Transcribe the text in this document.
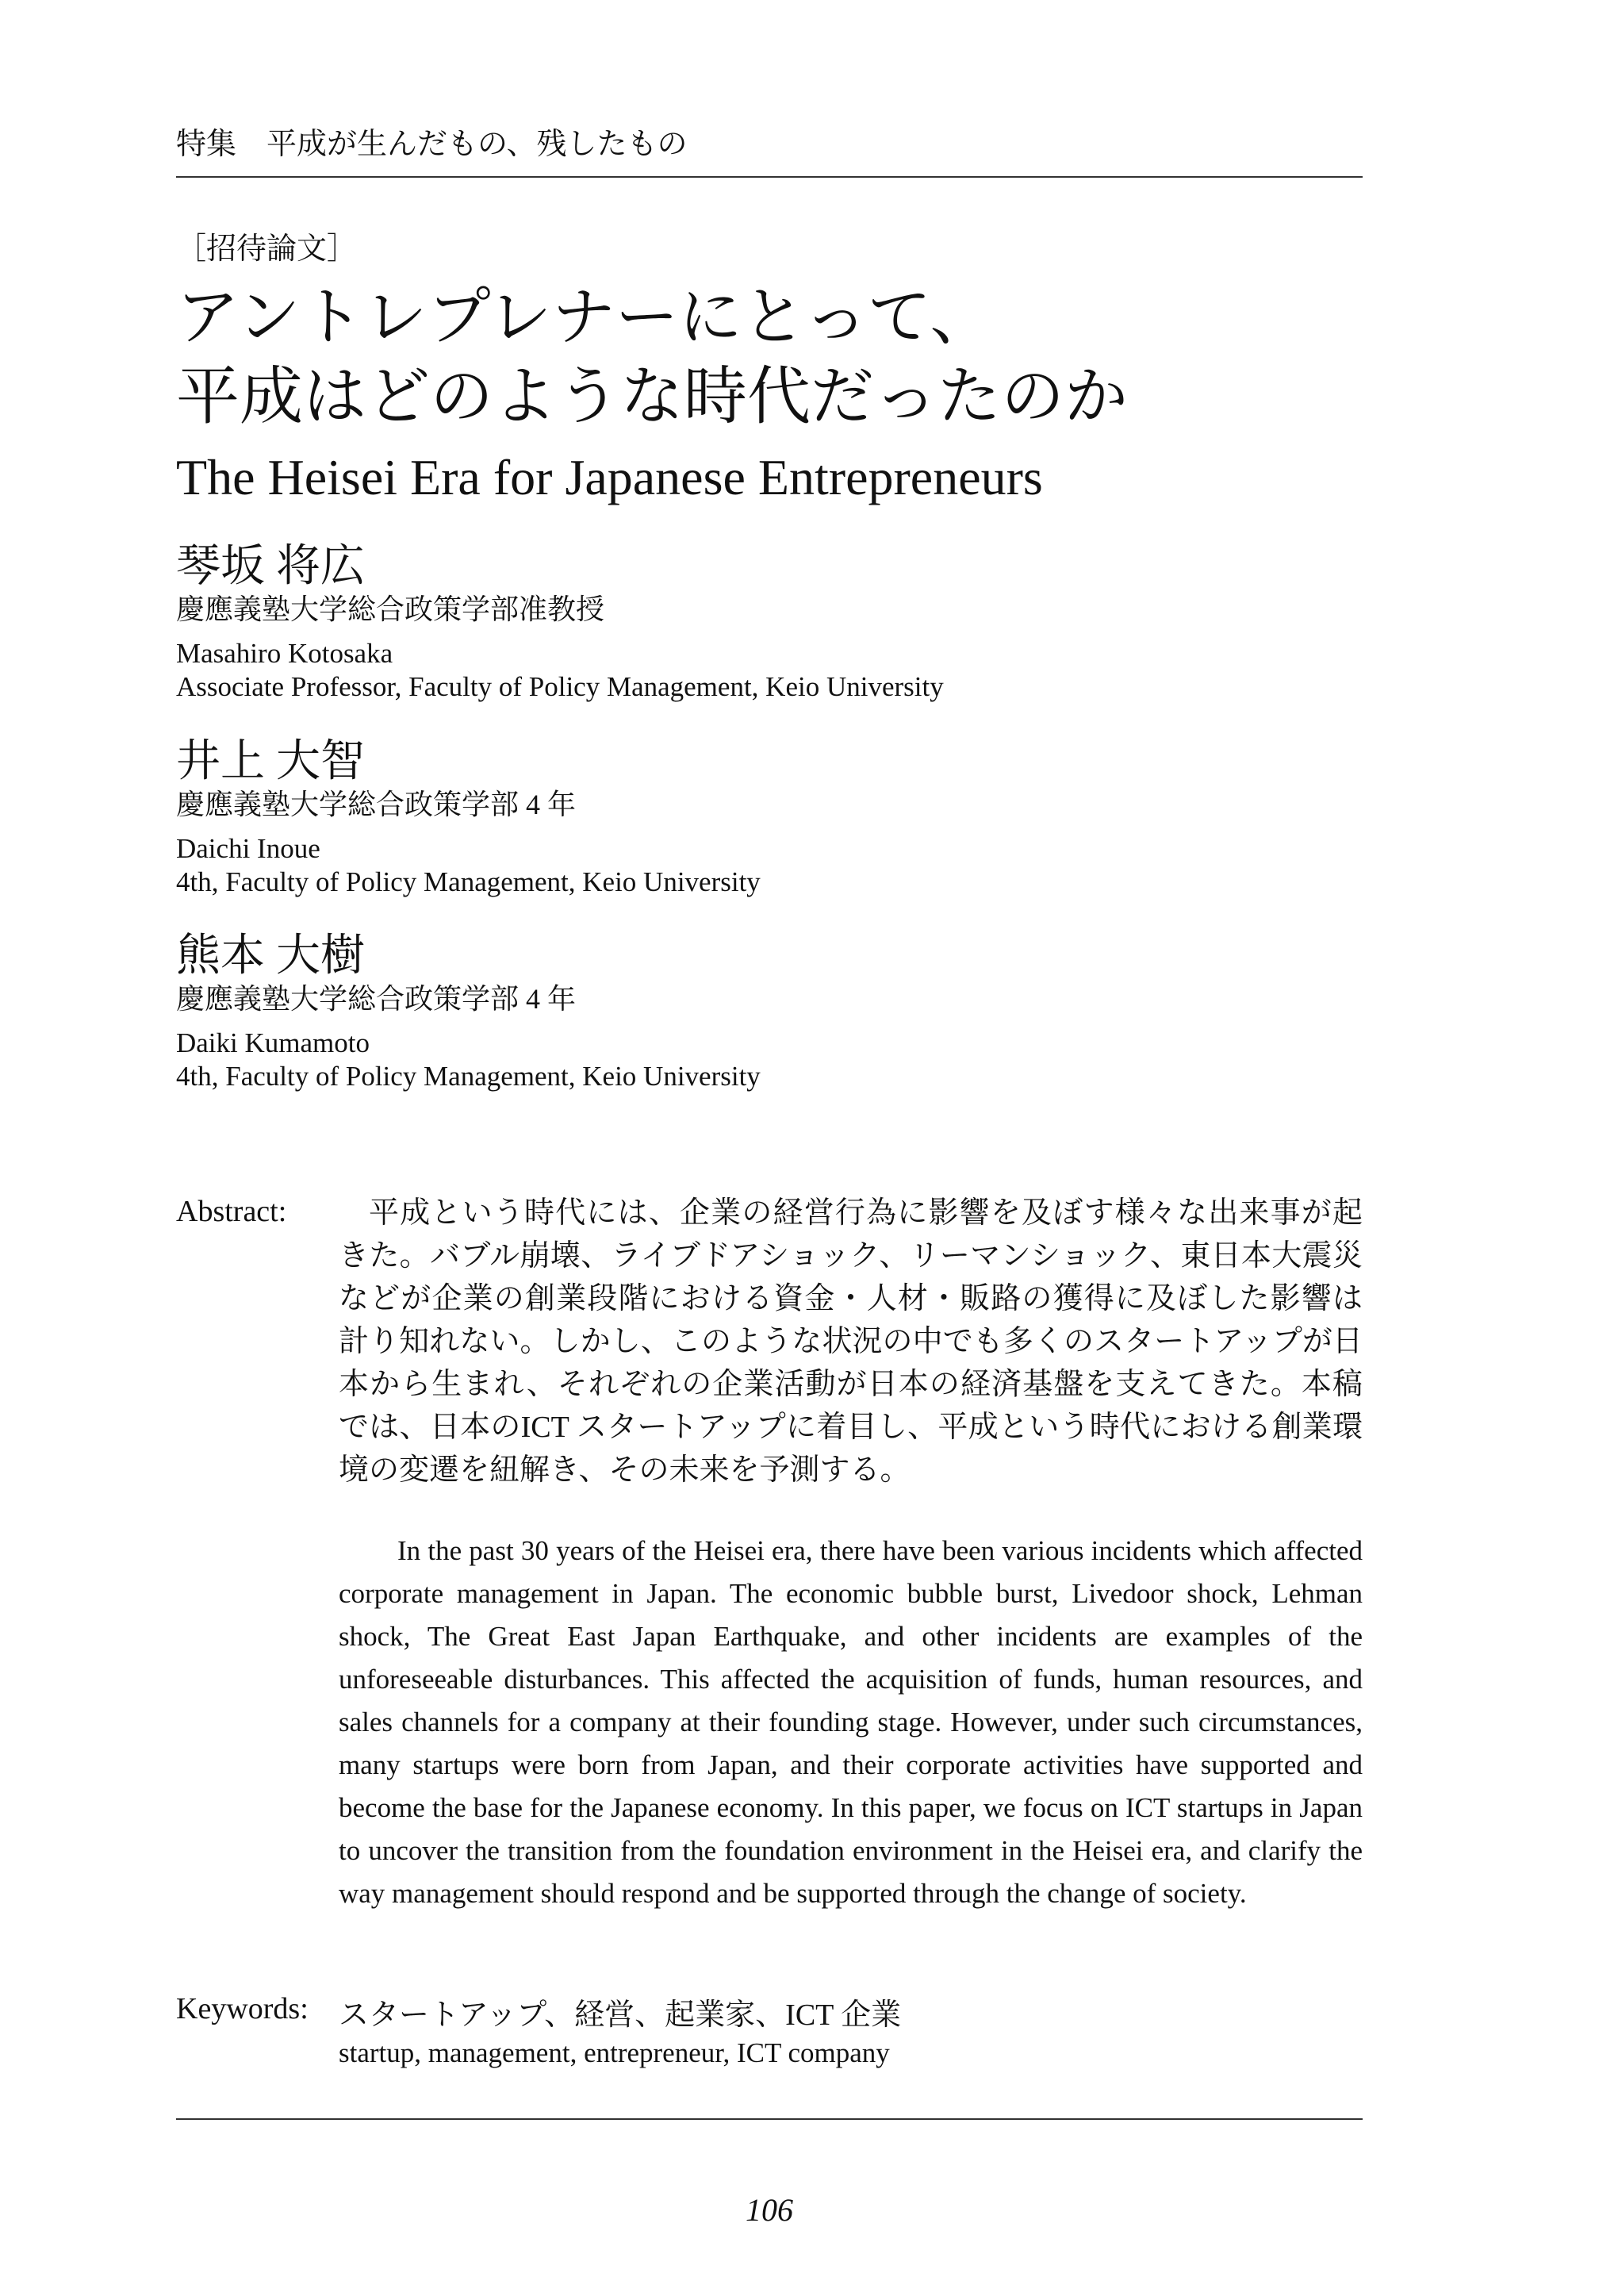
特集　平成が生んだもの、残したもの
［招待論文］
アントレプレナーにとって、
平成はどのような時代だったのか
The Heisei Era for Japanese Entrepreneurs
琴坂 将広
慶應義塾大学総合政策学部准教授
Masahiro Kotosaka
Associate Professor, Faculty of Policy Management, Keio University
井上 大智
慶應義塾大学総合政策学部 4 年
Daichi Inoue
4th, Faculty of Policy Management, Keio University
熊本 大樹
慶應義塾大学総合政策学部 4 年
Daiki Kumamoto
4th, Faculty of Policy Management, Keio University
Abstract:	平成という時代には、企業の経営行為に影響を及ぼす様々な出来事が起きた。バブル崩壊、ライブドアショック、リーマンショック、東日本大震災などが企業の創業段階における資金・人材・販路の獲得に及ぼした影響は計り知れない。しかし、このような状況の中でも多くのスタートアップが日本から生まれ、それぞれの企業活動が日本の経済基盤を支えてきた。本稿では、日本のICT スタートアップに着目し、平成という時代における創業環境の変遷を紐解き、その未来を予測する。

In the past 30 years of the Heisei era, there have been various incidents which affected corporate management in Japan. The economic bubble burst, Livedoor shock, Lehman shock, The Great East Japan Earthquake, and other incidents are examples of the unforeseeable disturbances. This affected the acquisition of funds, human resources, and sales channels for a company at their founding stage. However, under such circumstances, many startups were born from Japan, and their corporate activities have supported and become the base for the Japanese economy. In this paper, we focus on ICT startups in Japan to uncover the transition from the foundation environment in the Heisei era, and clarify the way management should respond and be supported through the change of society.

Keywords: スタートアップ、経営、起業家、ICT 企業
startup, management, entrepreneur, ICT company
106
